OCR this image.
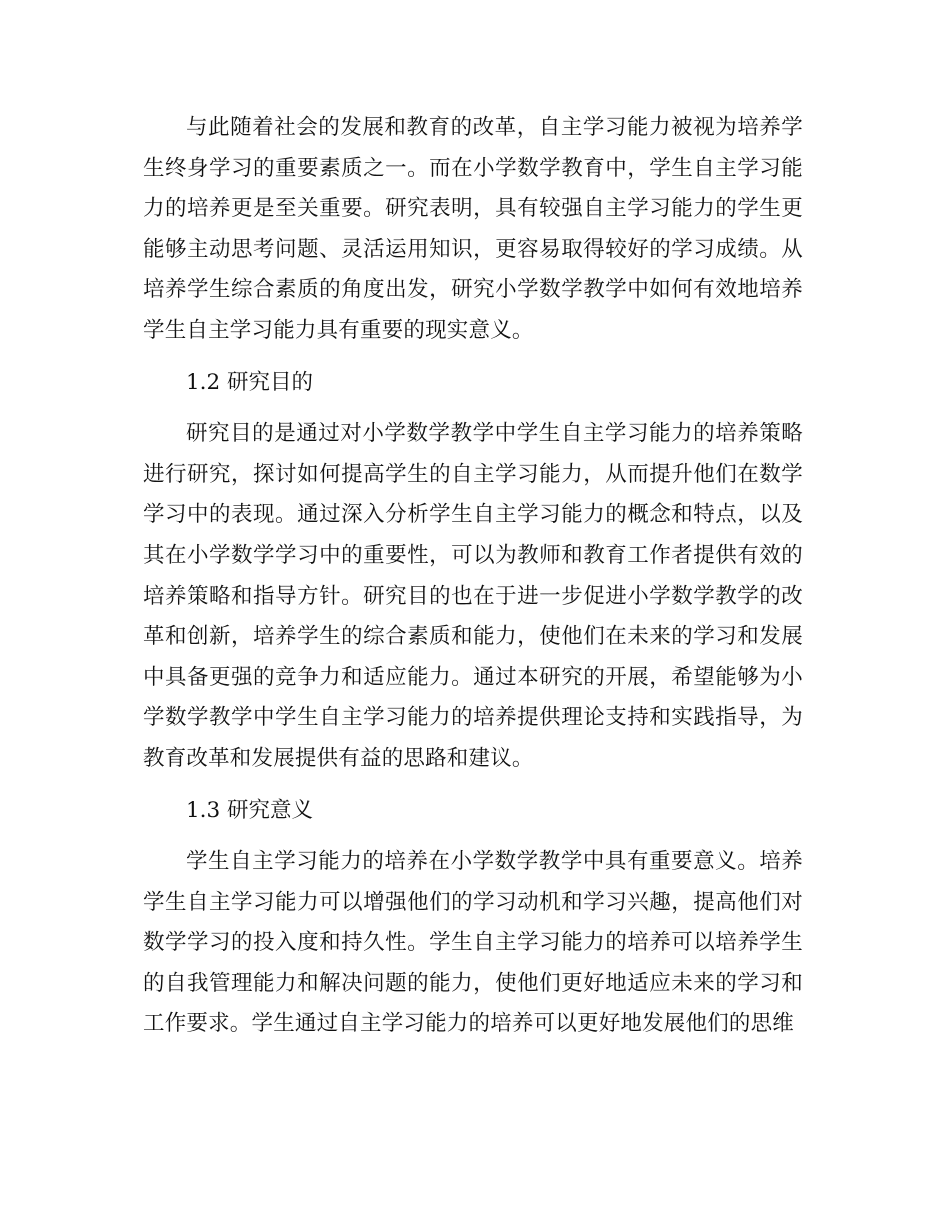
与此随着社会的发展和教育的改革，自主学习能力被视为培养学生终身学习的重要素质之一。而在小学数学教育中，学生自主学习能力的培养更是至关重要。研究表明，具有较强自主学习能力的学生更能够主动思考问题、灵活运用知识，更容易取得较好的学习成绩。从培养学生综合素质的角度出发，研究小学数学教学中如何有效地培养学生自主学习能力具有重要的现实意义。

1.2 研究目的

研究目的是通过对小学数学教学中学生自主学习能力的培养策略进行研究，探讨如何提高学生的自主学习能力，从而提升他们在数学学习中的表现。通过深入分析学生自主学习能力的概念和特点，以及其在小学数学学习中的重要性，可以为教师和教育工作者提供有效的培养策略和指导方针。研究目的也在于进一步促进小学数学教学的改革和创新，培养学生的综合素质和能力，使他们在未来的学习和发展中具备更强的竞争力和适应能力。通过本研究的开展，希望能够为小学数学教学中学生自主学习能力的培养提供理论支持和实践指导，为教育改革和发展提供有益的思路和建议。

1.3 研究意义

学生自主学习能力的培养在小学数学教学中具有重要意义。培养学生自主学习能力可以增强他们的学习动机和学习兴趣，提高他们对数学学习的投入度和持久性。学生自主学习能力的培养可以培养学生的自我管理能力和解决问题的能力，使他们更好地适应未来的学习和工作要求。学生通过自主学习能力的培养可以更好地发展他们的思维
